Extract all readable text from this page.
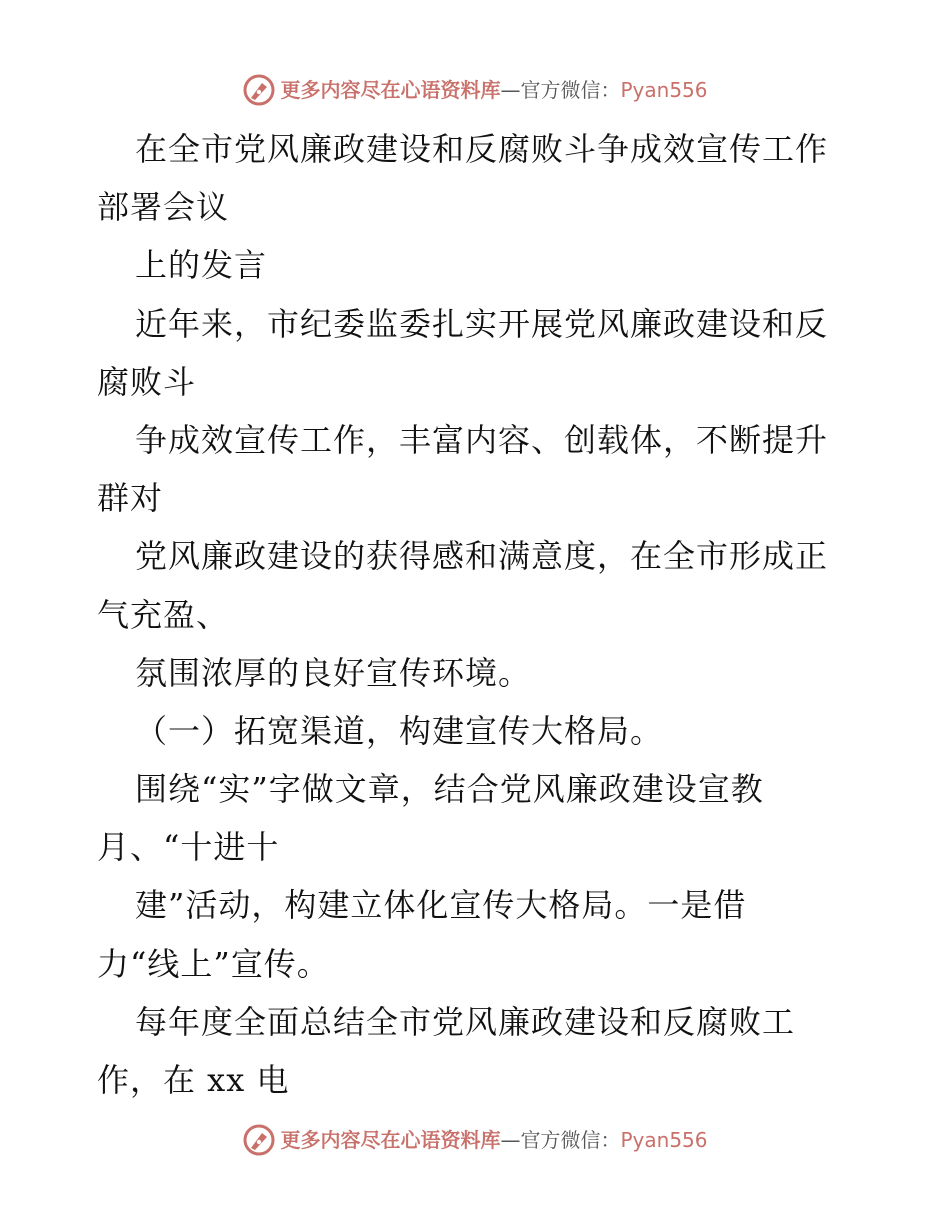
更多内容尽在心语资料库—官方微信：Pyan556
在全市党风廉政建设和反腐败斗争成效宣传工作
部署会议
上的发言
近年来，市纪委监委扎实开展党风廉政建设和反
腐败斗
争成效宣传工作，丰富内容、创载体，不断提升
群对
党风廉政建设的获得感和满意度，在全市形成正
气充盈、
氛围浓厚的良好宣传环境。
（一）拓宽渠道，构建宣传大格局。
围绕“实”字做文章，结合党风廉政建设宣教
月、“十进十
建”活动，构建立体化宣传大格局。一是借
力“线上”宣传。
每年度全面总结全市党风廉政建设和反腐败工
作，在 xx 电
更多内容尽在心语资料库—官方微信：Pyan556
